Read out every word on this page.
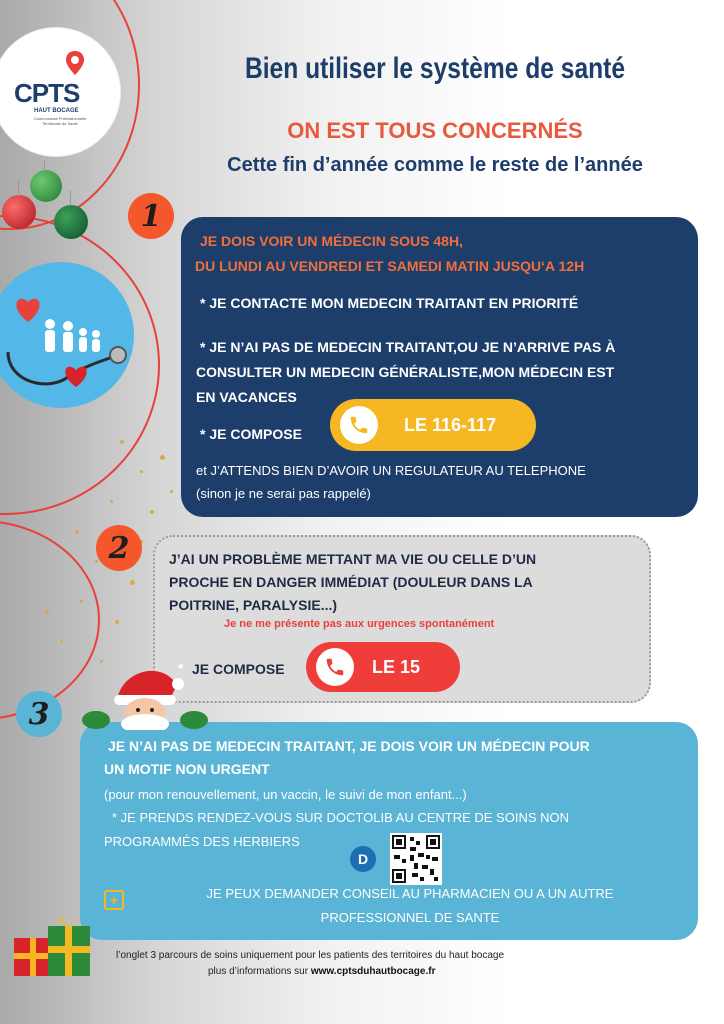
CPTS
HAUT BOCAGE
Communauté Professionnelle Territoriale de Santé
Bien utiliser le système de santé
ON EST TOUS CONCERNÉS
Cette fin d’année comme le reste de l’année
1
JE DOIS VOIR UN MÉDECIN SOUS 48H,
DU LUNDI AU VENDREDI ET SAMEDI MATIN JUSQU‘A 12H
* JE CONTACTE MON MEDECIN TRAITANT EN PRIORITÉ
* JE N’AI PAS DE MEDECIN TRAITANT,OU JE N’ARRIVE PAS À
CONSULTER UN MEDECIN GÉNÉRALISTE,MON MÉDECIN EST
EN VACANCES
* JE COMPOSE	LE 116-117
et J’ATTENDS BIEN D’AVOIR UN REGULATEUR AU TELEPHONE
(sinon je ne serai pas rappelé)
2	J’AI UN PROBLÈME METTANT MA VIE OU CELLE D’UN
PROCHE EN DANGER IMMÉDIAT (DOULEUR DANS LA
POITRINE, PARALYSIE...)
Je ne me présente pas aux urgences spontanément
* JE COMPOSE	LE 15
3
JE N’AI PAS DE MEDECIN TRAITANT, JE DOIS VOIR UN MÉDECIN POUR
UN MOTIF NON URGENT
(pour mon renouvellement, un vaccin, le suivi de mon enfant...)
* JE PRENDS RENDEZ-VOUS SUR DOCTOLIB AU CENTRE DE SOINS NON
PROGRAMMÉS DES HERBIERS
D
+	JE PEUX DEMANDER CONSEIL AU PHARMACIEN OU A UN AUTRE
PROFESSIONNEL DE SANTE
l’onglet 3 parcours de soins uniquement pour les patients des territoires du haut bocage
plus d’informations sur www.cptsduhautbocage.fr
